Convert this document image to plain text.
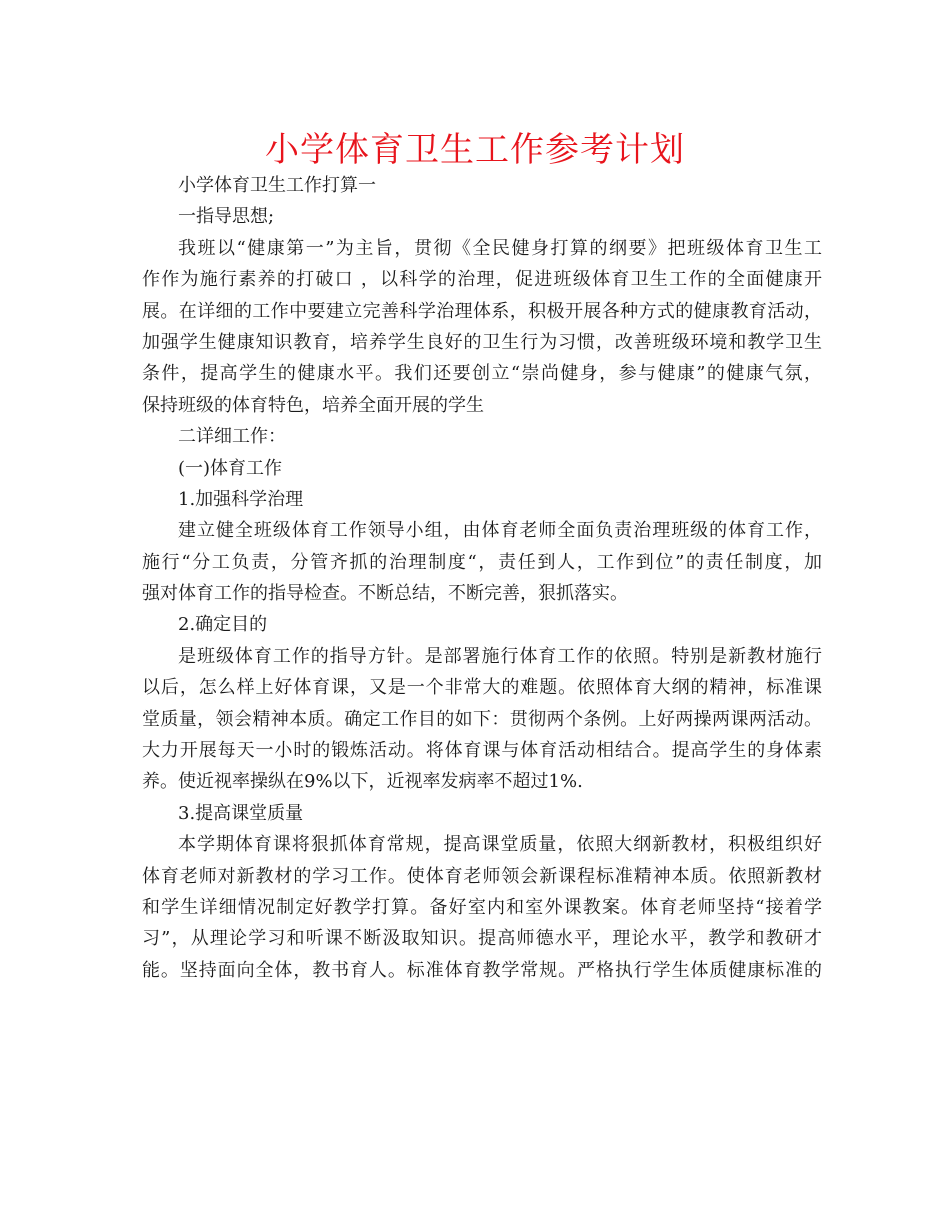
小学体育卫生工作参考计划
小学体育卫生工作打算一
一指导思想;
我班以“健康第一”为主旨，贯彻《全民健身打算的纲要》把班级体育卫生工
作作为施行素养的打破口 ，以科学的治理，促进班级体育卫生工作的全面健康开
展。在详细的工作中要建立完善科学治理体系，积极开展各种方式的健康教育活动，
加强学生健康知识教育，培养学生良好的卫生行为习惯，改善班级环境和教学卫生
条件，提高学生的健康水平。我们还要创立“崇尚健身，参与健康”的健康气氛，
保持班级的体育特色，培养全面开展的学生
二详细工作：
(一)体育工作
1.加强科学治理
建立健全班级体育工作领导小组，由体育老师全面负责治理班级的体育工作，
施行“分工负责，分管齐抓的治理制度“，责任到人，工作到位”的责任制度，加
强对体育工作的指导检查。不断总结，不断完善，狠抓落实。
2.确定目的
是班级体育工作的指导方针。是部署施行体育工作的依照。特别是新教材施行
以后，怎么样上好体育课，又是一个非常大的难题。依照体育大纲的精神，标准课
堂质量，领会精神本质。确定工作目的如下：贯彻两个条例。上好两操两课两活动。
大力开展每天一小时的锻炼活动。将体育课与体育活动相结合。提高学生的身体素
养。使近视率操纵在9%以下，近视率发病率不超过1%.
3.提高课堂质量
本学期体育课将狠抓体育常规，提高课堂质量，依照大纲新教材，积极组织好
体育老师对新教材的学习工作。使体育老师领会新课程标准精神本质。依照新教材
和学生详细情况制定好教学打算。备好室内和室外课教案。体育老师坚持“接着学
习”，从理论学习和听课不断汲取知识。提高师德水平，理论水平，教学和教研才
能。坚持面向全体，教书育人。标准体育教学常规。严格执行学生体质健康标准的
